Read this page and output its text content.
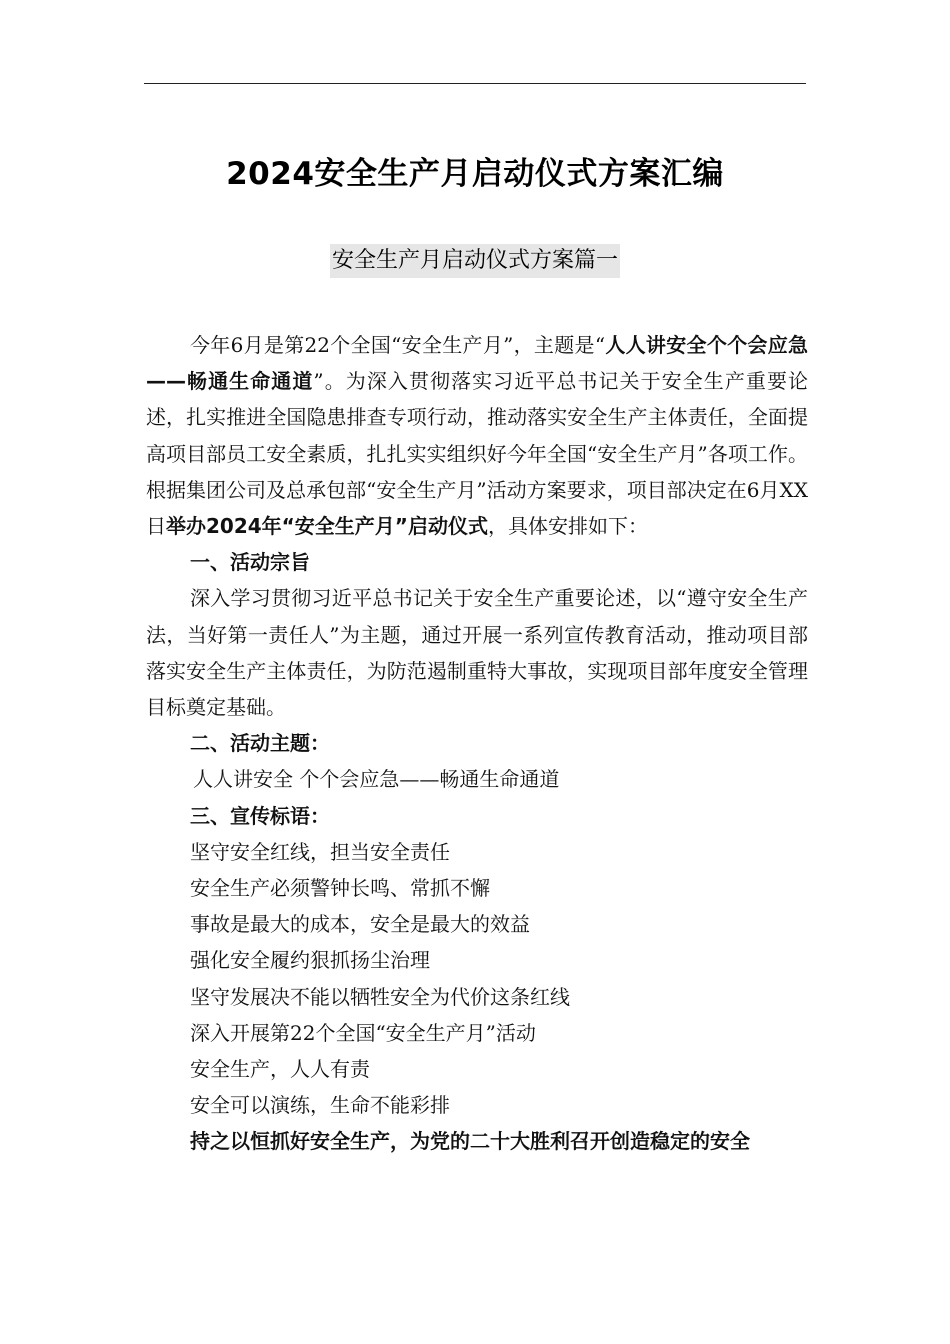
2024安全生产月启动仪式方案汇编
安全生产月启动仪式方案篇一

今年6月是第22个全国“安全生产月”，主题是“人人讲安全个个会应急——畅通生命通道”。为深入贯彻落实习近平总书记关于安全生产重要论述，扎实推进全国隐患排查专项行动，推动落实安全生产主体责任，全面提高项目部员工安全素质，扎扎实实组织好今年全国“安全生产月”各项工作。根据集团公司及总承包部“安全生产月”活动方案要求，项目部决定在6月XX日举办2024年“安全生产月”启动仪式，具体安排如下：

一、活动宗旨

深入学习贯彻习近平总书记关于安全生产重要论述，以“遵守安全生产法，当好第一责任人”为主题，通过开展一系列宣传教育活动，推动项目部落实安全生产主体责任，为防范遏制重特大事故，实现项目部年度安全管理目标奠定基础。

二、活动主题：

人人讲安全 个个会应急——畅通生命通道

三、宣传标语：

坚守安全红线，担当安全责任

安全生产必须警钟长鸣、常抓不懈

事故是最大的成本，安全是最大的效益

强化安全履约狠抓扬尘治理

坚守发展决不能以牺牲安全为代价这条红线

深入开展第22个全国“安全生产月”活动

安全生产，人人有责

安全可以演练，生命不能彩排

持之以恒抓好安全生产，为党的二十大胜利召开创造稳定的安全
